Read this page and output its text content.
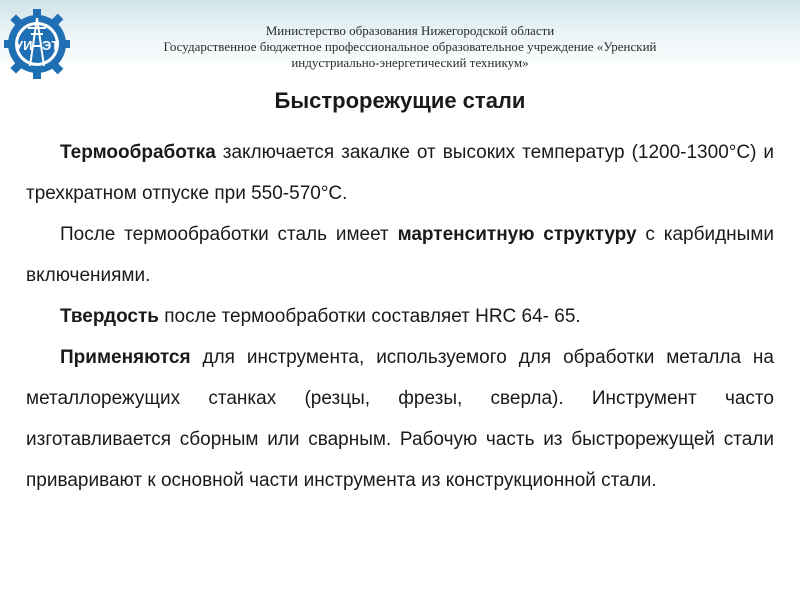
УИ ЭТ
Министерство образования Нижегородской области
Государственное бюджетное профессиональное образовательное учреждение «Уренский
индустриально-энергетический техникум»
Быстрорежущие стали

Термообработка заключается закалке от высоких температур (1200-1300°С) и трехкратном отпуске при 550-570°С.

После термообработки сталь имеет мартенситную структуру с карбидными включениями.

Твердость после термообработки составляет HRC 64- 65.

Применяются для инструмента, используемого для обработки металла на металлорежущих станках (резцы, фрезы, сверла). Инструмент часто изготавливается сборным или сварным. Рабочую часть из быстрорежущей стали приваривают к основной части инструмента из конструкционной стали.
